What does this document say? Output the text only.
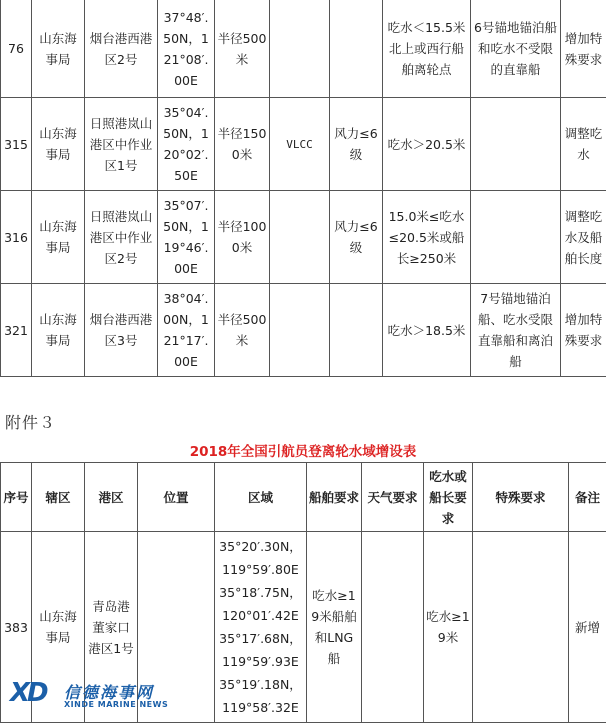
76	山东海事局	烟台港西港区2号	37°48′.50N，121°08′.00E	半径500米			吃水＜15.5米北上或西行船舶离轮点	6号锚地锚泊船和吃水不受限的直靠船	增加特殊要求
315	山东海事局	日照港岚山港区中作业区1号	35°04′.50N，120°02′.50E	半径1500米	VLCC	风力≤6级	吃水＞20.5米		调整吃水
316	山东海事局	日照港岚山港区中作业区2号	35°07′.50N，119°46′.00E	半径1000米		风力≤6级	15.0米≤吃水≤20.5米或船长≥250米		调整吃水及船舶长度
321	山东海事局	烟台港西港区3号	38°04′.00N，121°17′.00E	半径500米			吃水＞18.5米	7号锚地锚泊船、吃水受限直靠船和离泊船	增加特殊要求
附件３
2018年全国引航员登离轮水域增设表
序号	辖区	港区	位置	区域	船舶要求	天气要求	吃水或船长要求	特殊要求	备注
383	山东海事局	青岛港董家口港区1号		35°20′.30N，119°59′.80E 35°18′.75N，120°01′.42E 35°17′.68N，119°59′.93E 35°19′.18N，119°58′.32E	吃水≥19米船舶和LNG船		吃水≥19米		新增
XD 信德海事网
XINDE MARINE NEWS
